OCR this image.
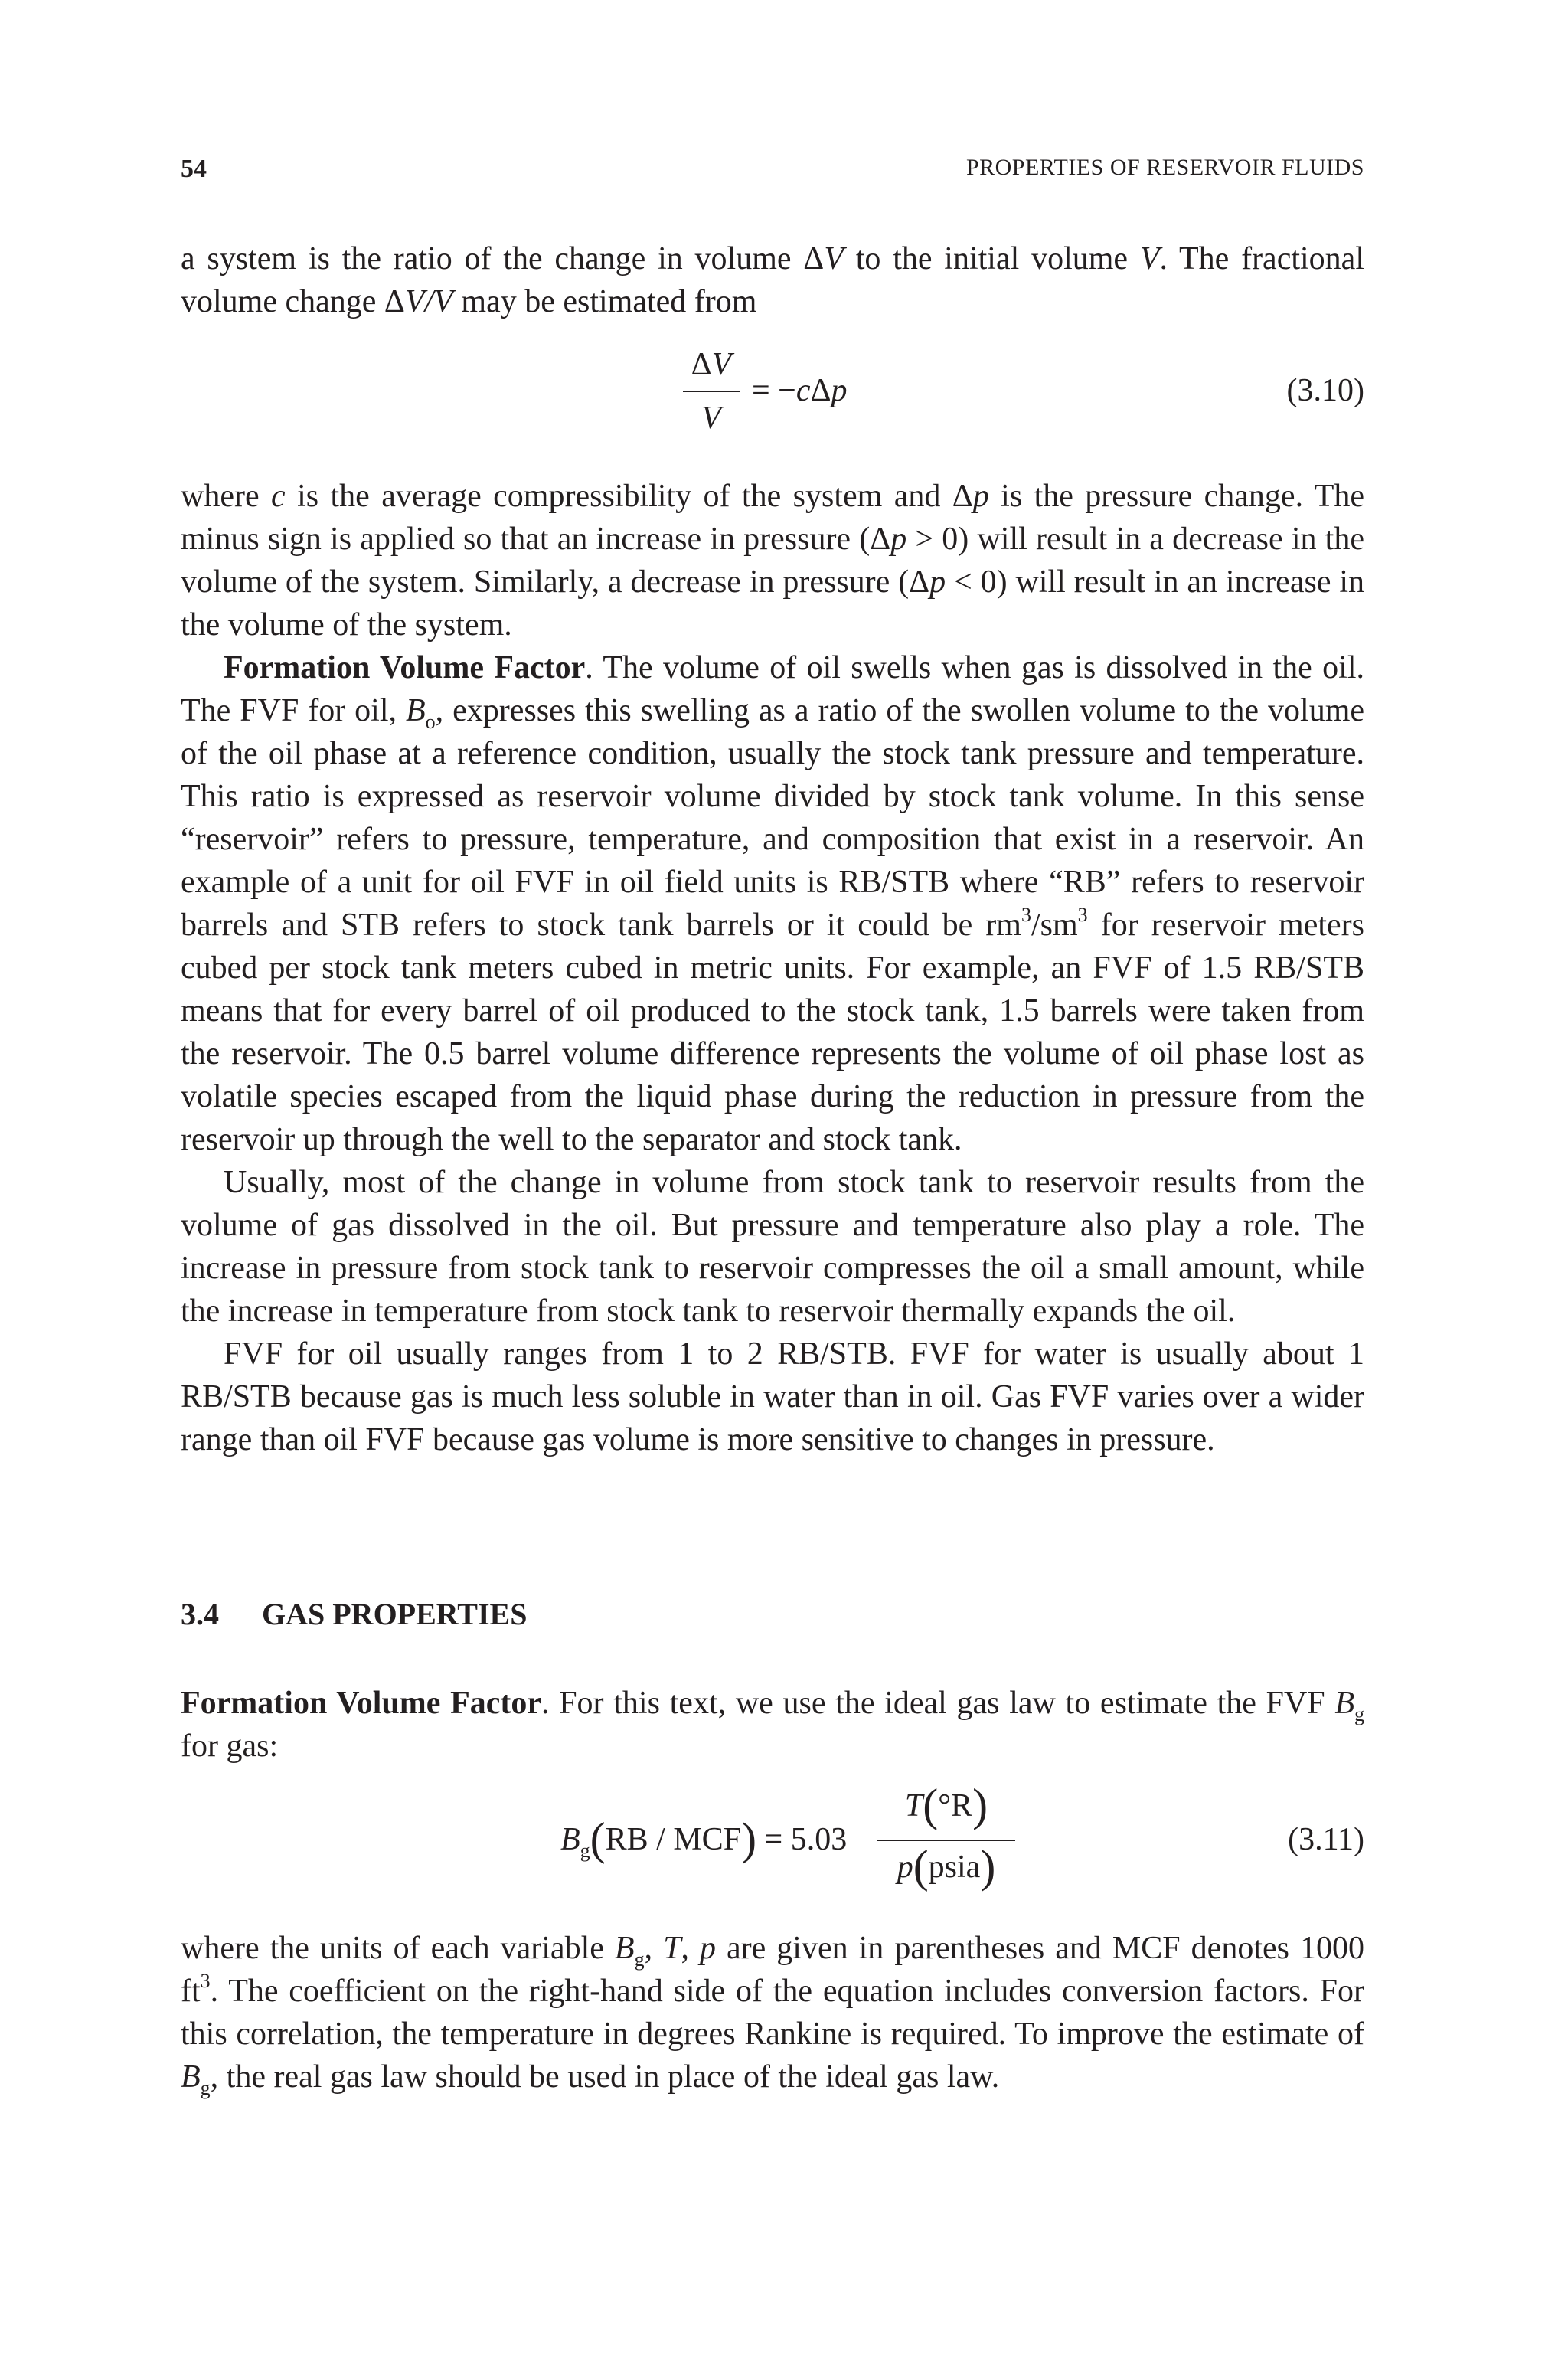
54	PROPERTIES OF RESERVOIR FLUIDS

a system is the ratio of the change in volume ΔV to the initial volume V. The fractional volume change ΔV/V may be estimated from

ΔV
V
= −cΔp	(3.10)

where c is the average compressibility of the system and Δp is the pressure change. The minus sign is applied so that an increase in pressure (Δp > 0) will result in a decrease in the volume of the system. Similarly, a decrease in pressure (Δp < 0) will result in an increase in the volume of the system.

Formation Volume Factor. The volume of oil swells when gas is dissolved in the oil. The FVF for oil, $B_o$, expresses this swelling as a ratio of the swollen volume to the volume of the oil phase at a reference condition, usually the stock tank pressure and temperature. This ratio is expressed as reservoir volume divided by stock tank volume. In this sense “reservoir” refers to pressure, temperature, and composition that exist in a reservoir. An example of a unit for oil FVF in oil field units is RB/STB where “RB” refers to reservoir barrels and STB refers to stock tank barrels or it could be $rm^3/sm^3$ for reservoir meters cubed per stock tank meters cubed in metric units. For example, an FVF of 1.5 RB/STB means that for every barrel of oil produced to the stock tank, 1.5 barrels were taken from the reservoir. The 0.5 barrel volume difference represents the volume of oil phase lost as volatile species escaped from the liquid phase during the reduction in pressure from the reservoir up through the well to the separator and stock tank.

Usually, most of the change in volume from stock tank to reservoir results from the volume of gas dissolved in the oil. But pressure and temperature also play a role. The increase in pressure from stock tank to reservoir compresses the oil a small amount, while the increase in temperature from stock tank to reservoir thermally expands the oil.

FVF for oil usually ranges from 1 to 2 RB/STB. FVF for water is usually about 1 RB/STB because gas is much less soluble in water than in oil. Gas FVF varies over a wider range than oil FVF because gas volume is more sensitive to changes in pressure.

3.4 GAS PROPERTIES

Formation Volume Factor. For this text, we use the ideal gas law to estimate the FVF $B_g$ for gas:

$B_g(RB / MCF) = 5.03$
T(°R)
p(psia)
(3.11)

where the units of each variable $B_g$, T, p are given in parentheses and MCF denotes 1000 $ft^3$. The coefficient on the right-hand side of the equation includes conversion factors. For this correlation, the temperature in degrees Rankine is required. To improve the estimate of $B_g$, the real gas law should be used in place of the ideal gas law.
